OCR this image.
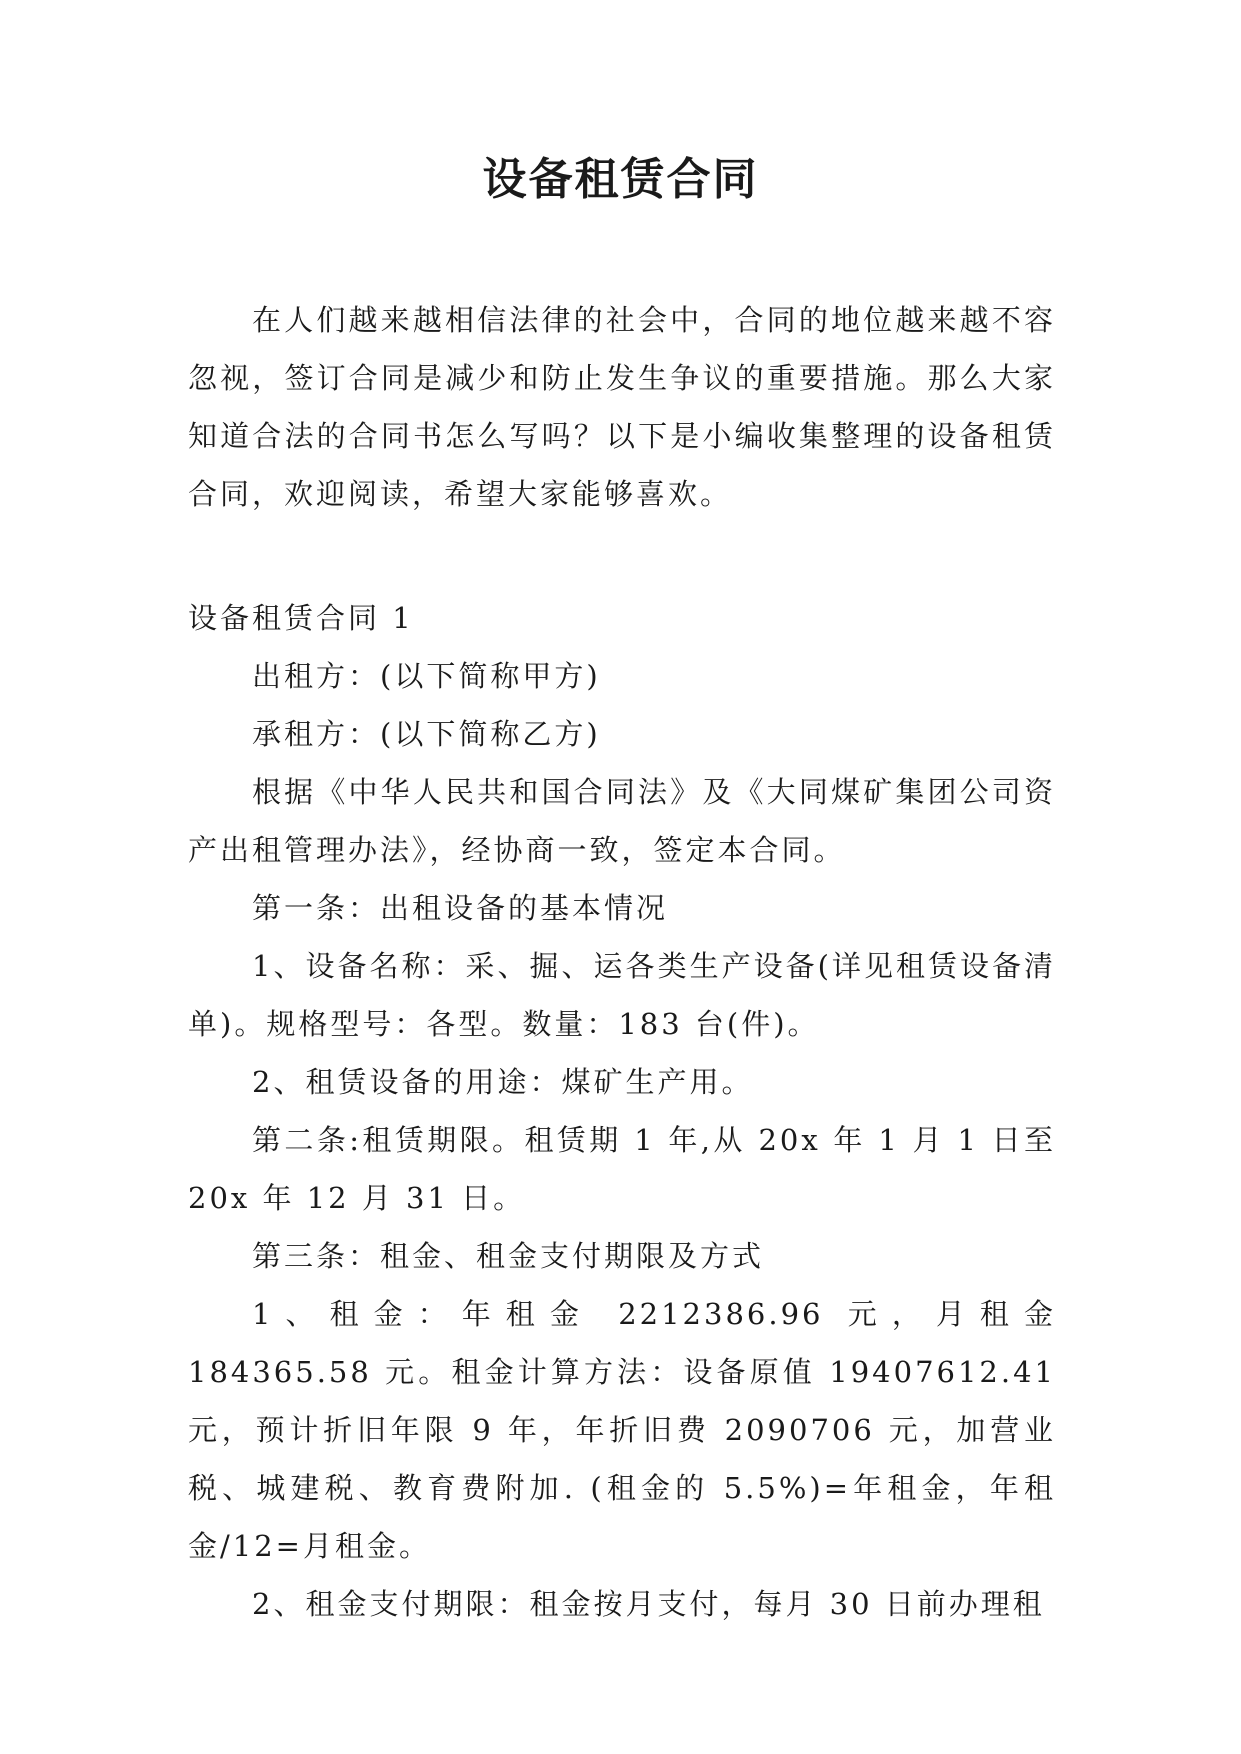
设备租赁合同

在人们越来越相信法律的社会中，合同的地位越来越不容忽视，签订合同是减少和防止发生争议的重要措施。那么大家知道合法的合同书怎么写吗？以下是小编收集整理的设备租赁合同，欢迎阅读，希望大家能够喜欢。

设备租赁合同 1

出租方：(以下简称甲方)

承租方：(以下简称乙方)

根据《中华人民共和国合同法》及《大同煤矿集团公司资产出租管理办法》，经协商一致，签定本合同。

第一条：出租设备的基本情况

1、设备名称：采、掘、运各类生产设备(详见租赁设备清单)。规格型号：各型。数量：183 台(件)。

2、租赁设备的用途：煤矿生产用。

第二条:租赁期限。租赁期 1 年,从 20x 年 1 月 1 日至 20x 年 12 月 31 日。

第三条：租金、租金支付期限及方式

1、租金：年租金 2212386.96 元，月租金 184365.58 元。租金计算方法：设备原值 19407612.41 元，预计折旧年限 9 年，年折旧费 2090706 元，加营业税、城建税、教育费附加. (租金的 5.5%)=年租金，年租金/12=月租金。

2、租金支付期限：租金按月支付，每月 30 日前办理租
